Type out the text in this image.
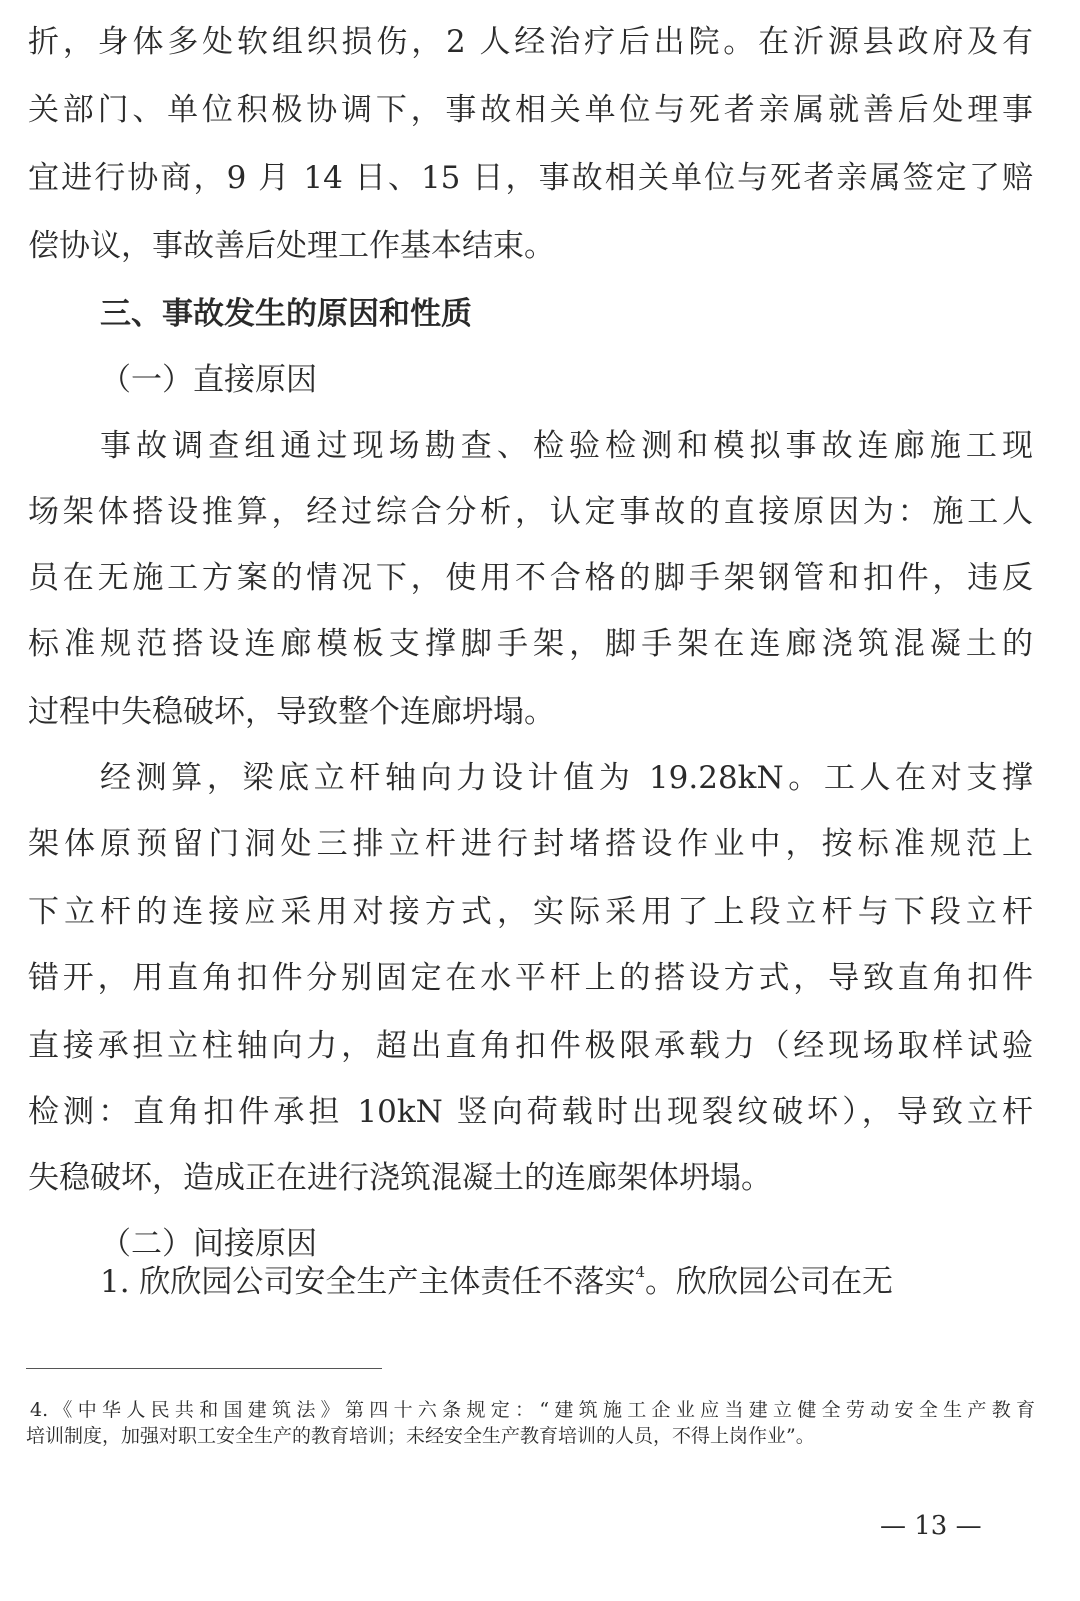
折，身体多处软组织损伤，2 人经治疗后出院。在沂源县政府及有
关部门、单位积极协调下，事故相关单位与死者亲属就善后处理事
宜进行协商，9 月 14 日、15 日，事故相关单位与死者亲属签定了赔
偿协议，事故善后处理工作基本结束。
三、事故发生的原因和性质
（一）直接原因
事故调查组通过现场勘查、检验检测和模拟事故连廊施工现
场架体搭设推算，经过综合分析，认定事故的直接原因为：施工人
员在无施工方案的情况下，使用不合格的脚手架钢管和扣件，违反
标准规范搭设连廊模板支撑脚手架，脚手架在连廊浇筑混凝土的
过程中失稳破坏，导致整个连廊坍塌。
经测算，梁底立杆轴向力设计值为 19.28kN。工人在对支撑
架体原预留门洞处三排立杆进行封堵搭设作业中，按标准规范上
下立杆的连接应采用对接方式，实际采用了上段立杆与下段立杆
错开，用直角扣件分别固定在水平杆上的搭设方式，导致直角扣件
直接承担立柱轴向力，超出直角扣件极限承载力（经现场取样试验
检测：直角扣件承担 10kN 竖向荷载时出现裂纹破坏），导致立杆
失稳破坏，造成正在进行浇筑混凝土的连廊架体坍塌。
（二）间接原因
1. 欣欣园公司安全生产主体责任不落实$^4$。欣欣园公司在无
4.《中华人民共和国建筑法》第四十六条规定：“建筑施工企业应当建立健全劳动安全生产教育
培训制度，加强对职工安全生产的教育培训；未经安全生产教育培训的人员，不得上岗作业”。
— 13 —
